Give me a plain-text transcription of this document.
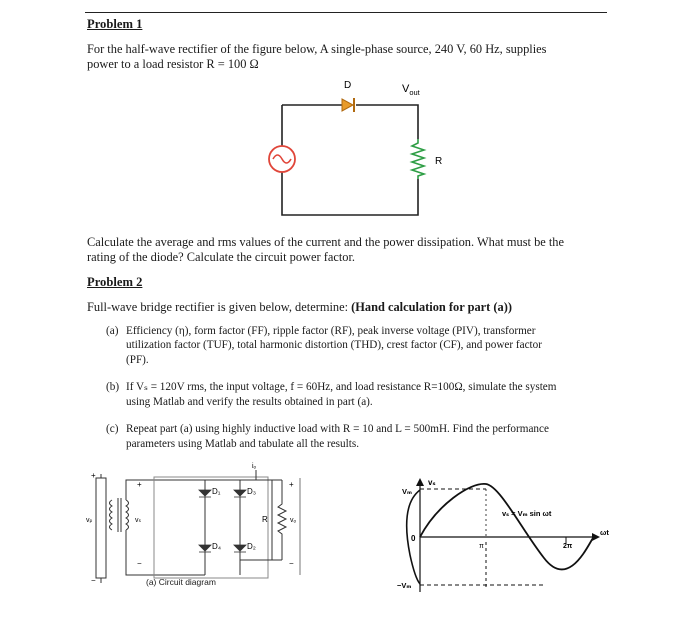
Problem 1
For the half-wave rectifier of the figure below, A single-phase source, 240 V, 60 Hz, supplies
power to a load resistor R = 100 Ω
D	$V_{out}$
R
Calculate the average and rms values of the current and the power dissipation. What must be the
rating of the diode? Calculate the circuit power factor.
Problem 2
Full-wave bridge rectifier is given below, determine: (Hand calculation for part (a))
(a) Efficiency (η), form factor (FF), ripple factor (RF), peak inverse voltage (PIV), transformer
utilization factor (TUF), total harmonic distortion (THD), crest factor (CF), and power factor
(PF).
(b) If Vₛ = 120V rms, the input voltage, f = 60Hz, and load resistance R=100Ω, simulate the system
using Matlab and verify the results obtained in part (a).
(c) Repeat part (a) using highly inductive load with R = 10 and L = 500mH. Find the performance
parameters using Matlab and tabulate all the results.
D₁	D₃
D₄	D₂
R	vₒ
vₚ	vₛ
iₒ
+
+	+
−
−	−
(a) Circuit diagram
vₛ
Vₘ
−Vₘ
0
π	2π
ωt
vₛ = Vₘ sin ωt
